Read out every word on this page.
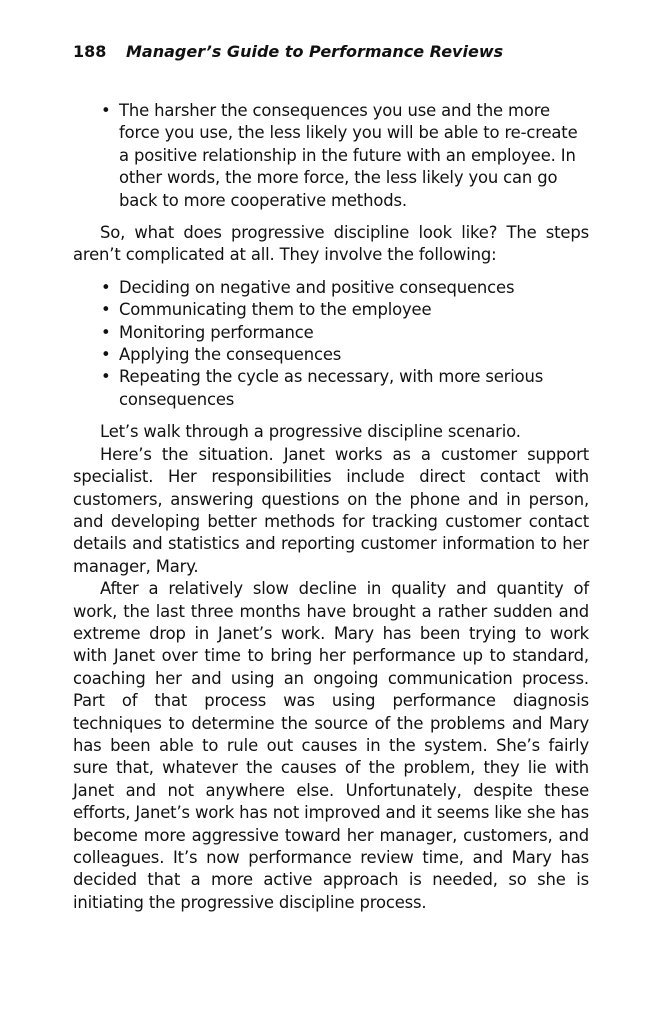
188 Manager’s Guide to Performance Reviews
• The harsher the consequences you use and the more force you use, the less likely you will be able to re-create a positive relationship in the future with an employee. In other words, the more force, the less likely you can go back to more cooperative methods.

So, what does progressive discipline look like? The steps aren’t complicated at all. They involve the following:

• Deciding on negative and positive consequences
• Communicating them to the employee
• Monitoring performance
• Applying the consequences
• Repeating the cycle as necessary, with more serious consequences

Let’s walk through a progressive discipline scenario.

Here’s the situation. Janet works as a customer support specialist. Her responsibilities include direct contact with customers, answering questions on the phone and in person, and developing better methods for tracking customer contact details and statistics and reporting customer information to her manager, Mary.

After a relatively slow decline in quality and quantity of work, the last three months have brought a rather sudden and extreme drop in Janet’s work. Mary has been trying to work with Janet over time to bring her performance up to standard, coaching her and using an ongoing communication process. Part of that process was using performance diagnosis techniques to determine the source of the problems and Mary has been able to rule out causes in the system. She’s fairly sure that, whatever the causes of the problem, they lie with Janet and not anywhere else. Unfortunately, despite these efforts, Janet’s work has not improved and it seems like she has become more aggressive toward her manager, customers, and colleagues. It’s now performance review time, and Mary has decided that a more active approach is needed, so she is initiating the progressive discipline process.
